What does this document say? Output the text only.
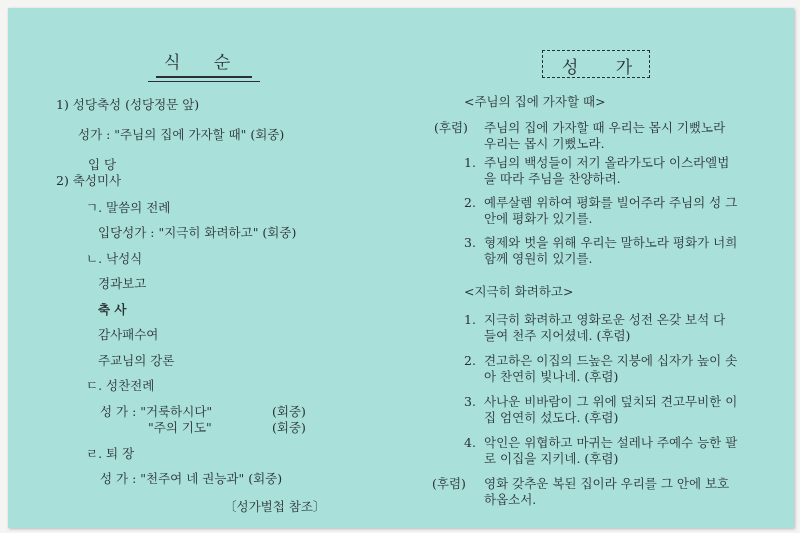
식 순
1) 성당축성 (성당정문 앞)
성가 : "주님의 집에 가자할 때" (회중)
입 당
2) 축성미사
ㄱ. 말씀의 전례
입당성가 : "지극히 화려하고" (회중)
ㄴ. 낙성식
경과보고
축 사
감사패수여
주교님의 강론
ㄷ. 성찬전례
성 가 : "거룩하시다"	(회중)
"주의 기도"	(회중)
ㄹ. 퇴 장
성 가 : "천주여 네 권능과" (회중)
〔성가벌첩 참조〕
성 가
<주님의 집에 가자할 때>
(후렴) 주님의 집에 가자할 때 우리는 몹시 기뻤노라
우리는 몹시 기뻤노라.
1. 주님의 백성들이 저기 올라가도다 이스라엘법
을 따라 주님을 찬양하려.
2. 예루살렘 위하여 평화를 빌어주라 주님의 성 그
안에 평화가 있기를.
3. 형제와 벗을 위해 우리는 말하노라 평화가 너희
함께 영원히 있기를.
<지극히 화려하고>
1. 지극히 화려하고 영화로운 성전 온갖 보석 다
들여 천주 지어셨네. (후렴)
2. 견고하은 이집의 드높은 지붕에 십자가 높이 솟
아 찬연히 빛나네. (후렴)
3. 사나운 비바람이 그 위에 덮치되 견고무비한 이
집 엄연히 섰도다. (후렴)
4. 악인은 위협하고 마귀는 설레나 주예수 능한 팔
로 이집을 지키네. (후렴)
(후렴) 영화 갖추운 복된 집이라 우리를 그 안에 보호
하옵소서.
